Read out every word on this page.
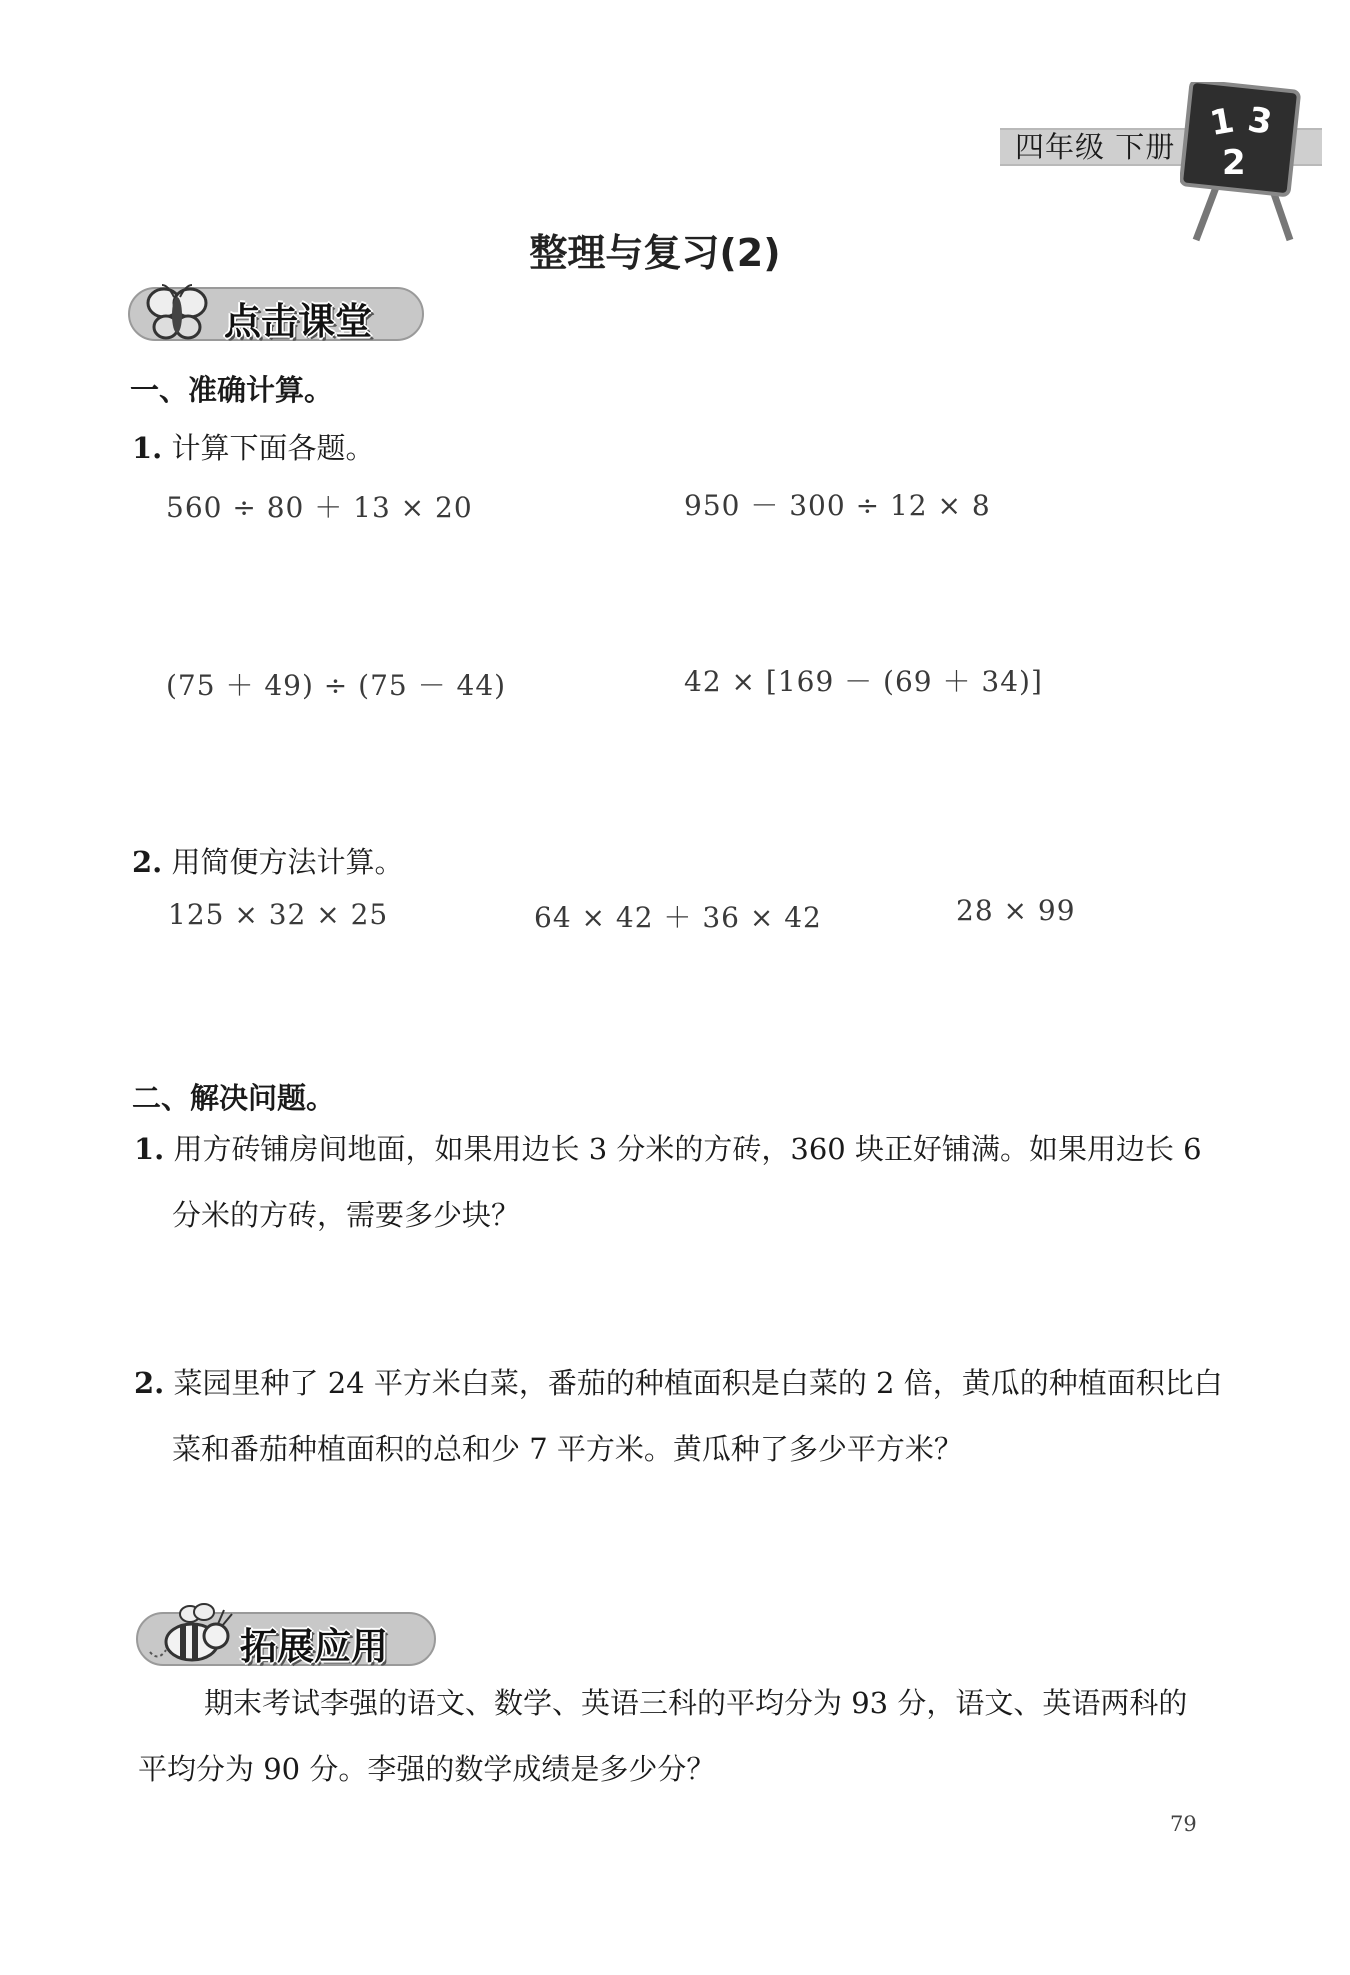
四年级 下册
1 3
2
整理与复习(2)
点击课堂
一、准确计算。
1. 计算下面各题。
560 ÷ 80 ＋ 13 × 20	950 － 300 ÷ 12 × 8
(75 ＋ 49) ÷ (75 － 44)	42 × [169 － (69 ＋ 34)]
2. 用简便方法计算。
125 × 32 × 25	64 × 42 ＋ 36 × 42	28 × 99
二、解决问题。
1. 用方砖铺房间地面，如果用边长 3 分米的方砖，360 块正好铺满。如果用边长 6 分米的方砖，需要多少块？
2. 菜园里种了 24 平方米白菜，番茄的种植面积是白菜的 2 倍，黄瓜的种植面积比白菜和番茄种植面积的总和少 7 平方米。黄瓜种了多少平方米？
拓展应用
期末考试李强的语文、数学、英语三科的平均分为 93 分，语文、英语两科的平均分为 90 分。李强的数学成绩是多少分？
79
